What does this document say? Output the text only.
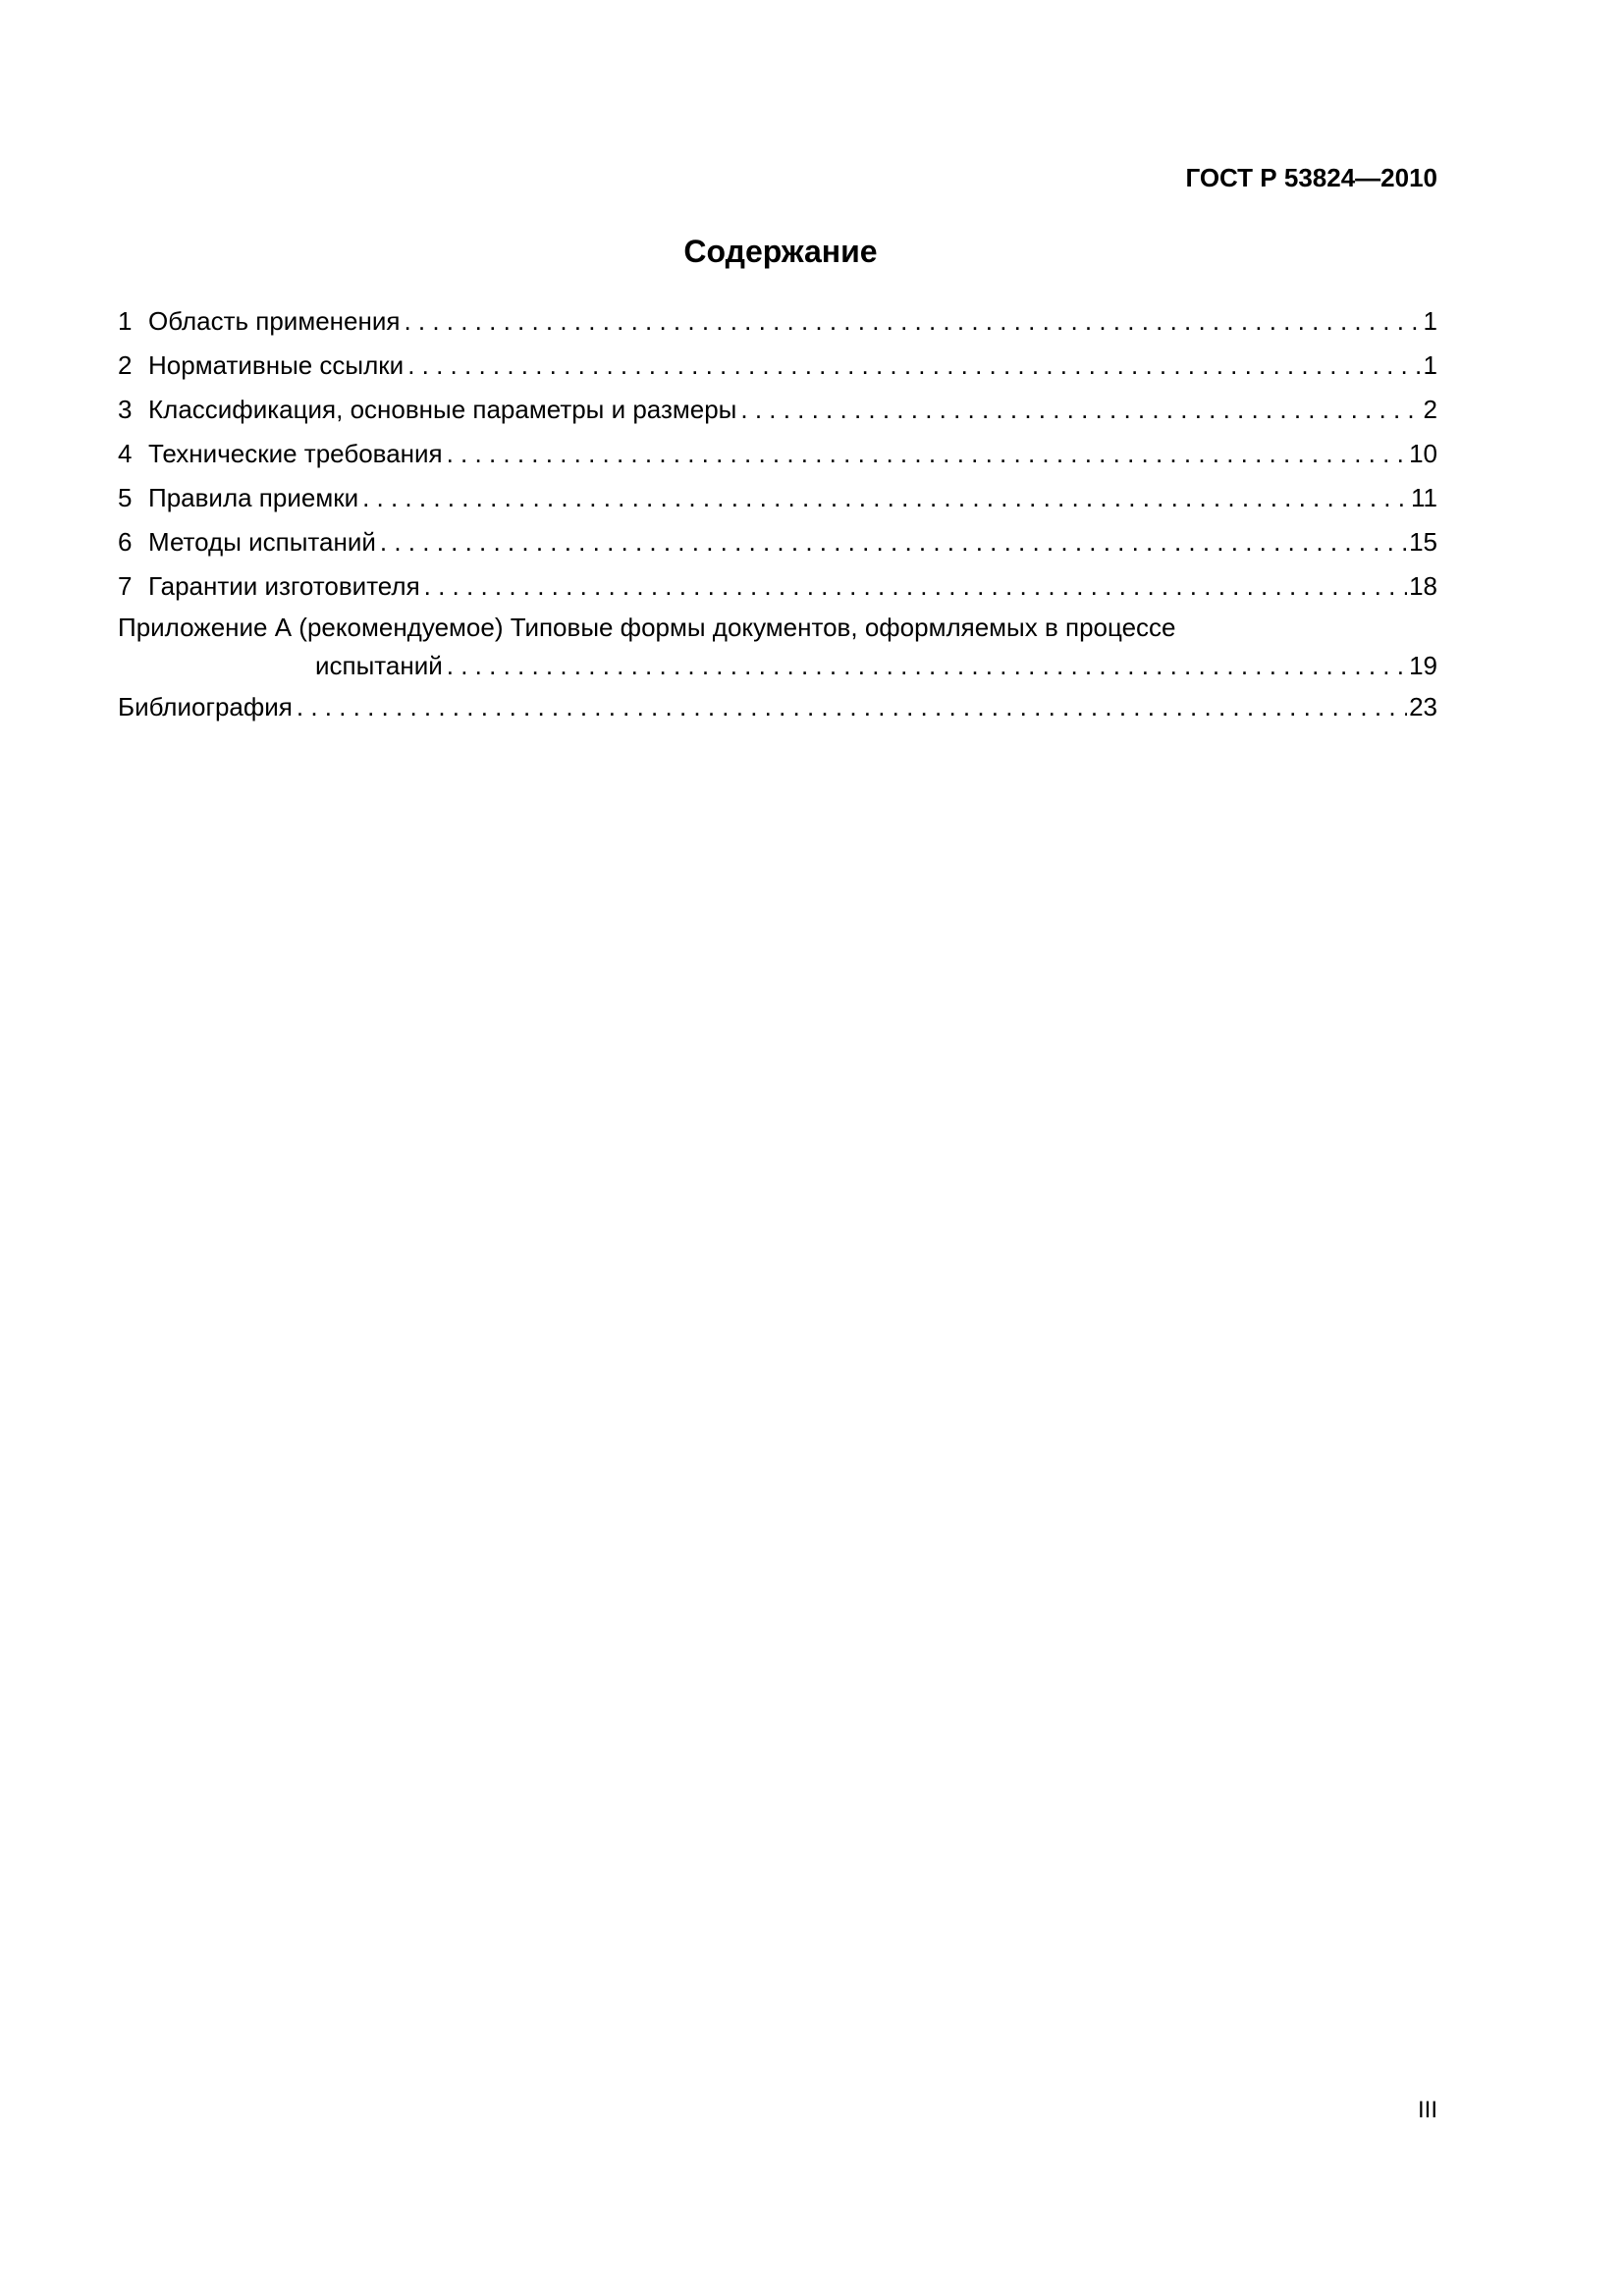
ГОСТ Р 53824—2010
Содержание
1 Область применения . . .	1
2 Нормативные ссылки . . .	1
3 Классификация, основные параметры и размеры . . .	2
4 Технические требования . . .	10
5 Правила приемки . . .	11
6 Методы испытаний . . .	15
7 Гарантии изготовителя . . .	18
Приложение А (рекомендуемое) Типовые формы документов, оформляемых в процессе
испытаний . . .	19
Библиография . . .	23
III
